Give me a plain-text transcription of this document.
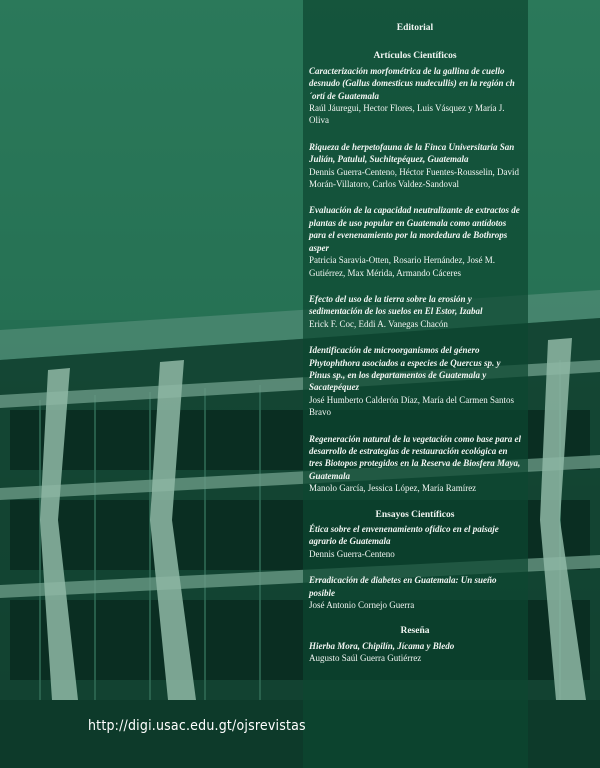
Editorial
Artículos Científicos
Caracterización morfométrica de la gallina de cuello desnudo (Gallus domesticus nudecullis) en la región ch´ortí de Guatemala
Raúl Jáuregui, Hector Flores, Luis Vásquez y María J. Oliva
Riqueza de herpetofauna de la Finca Universitaria San Julián, Patulul, Suchitepéquez, Guatemala
Dennis Guerra-Centeno, Héctor Fuentes-Rousselin, David Morán-Villatoro, Carlos Valdez-Sandoval
Evaluación de la capacidad neutralizante de extractos de plantas de uso popular en Guatemala como antídotos para el evenenamiento por la mordedura de Bothrops asper
Patricia Saravia-Otten, Rosario Hernández, José M. Gutiérrez, Max Mérida, Armando Cáceres
Efecto del uso de la tierra sobre la erosión y sedimentación de los suelos en El Estor, Izabal
Erick F. Coc, Eddi A. Vanegas Chacón
Identificación de microorganismos del género Phytophthora asociados a especies de Quercus sp. y Pinus sp., en los departamentos de Guatemala y Sacatepéquez
José Humberto Calderón Díaz, María del Carmen Santos Bravo
Regeneración natural de la vegetación como base para el desarrollo de estrategias de restauración ecológica en tres Biotopos protegidos en la Reserva de Biosfera Maya, Guatemala
Manolo García, Jessica López, María Ramírez
Ensayos Científicos
Ética sobre el envenenamiento ofídico en el paisaje agrario de Guatemala
Dennis Guerra-Centeno
Erradicación de diabetes en Guatemala: Un sueño posible
José Antonio Cornejo Guerra
Reseña
Hierba Mora, Chipilín, Jícama y Bledo
Augusto Saúl Guerra Gutiérrez
http://digi.usac.edu.gt/ojsrevistas
